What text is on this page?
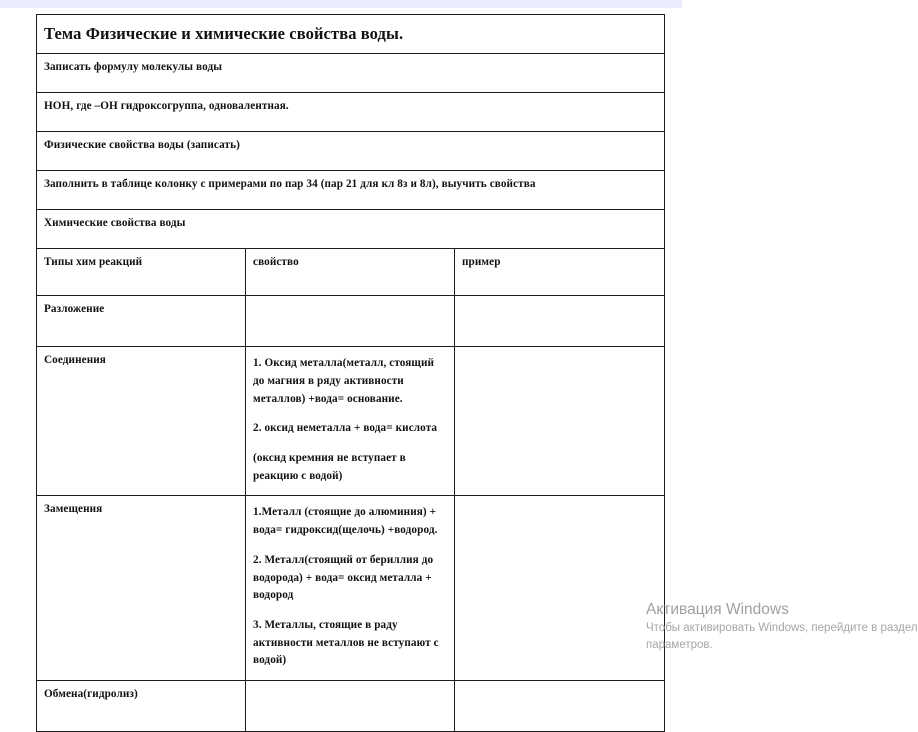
Тема Физические и химические свойства воды.		
Записать формулу молекулы воды		
HOH, где –ОН гидроксогруппа, одновалентная.		
Физические свойства воды (записать)		
Заполнить в таблице колонку с примерами по пар 34 (пар 21 для кл 8з и 8л), выучить свойства		
Химические свойства воды		
Типы хим реакций	свойство	пример
Разложение		
Соединения	1. Оксид металла(металл, стоящий до магния в ряду активности металлов) +вода= основание.

2. оксид неметалла + вода= кислота

(оксид кремния не вступает в реакцию с водой)	

Замещения	1.Металл (стоящие до алюминия) + вода= гидроксид(щелочь) +водород.

2. Металл(стоящий от бериллия до водорода) + вода= оксид металла + водород

3. Металлы, стоящие в раду активности металлов не вступают с водой)	

Обмена(гидролиз)		
Активация Windows
Чтобы активировать Windows, перейдите в раздел
параметров.
